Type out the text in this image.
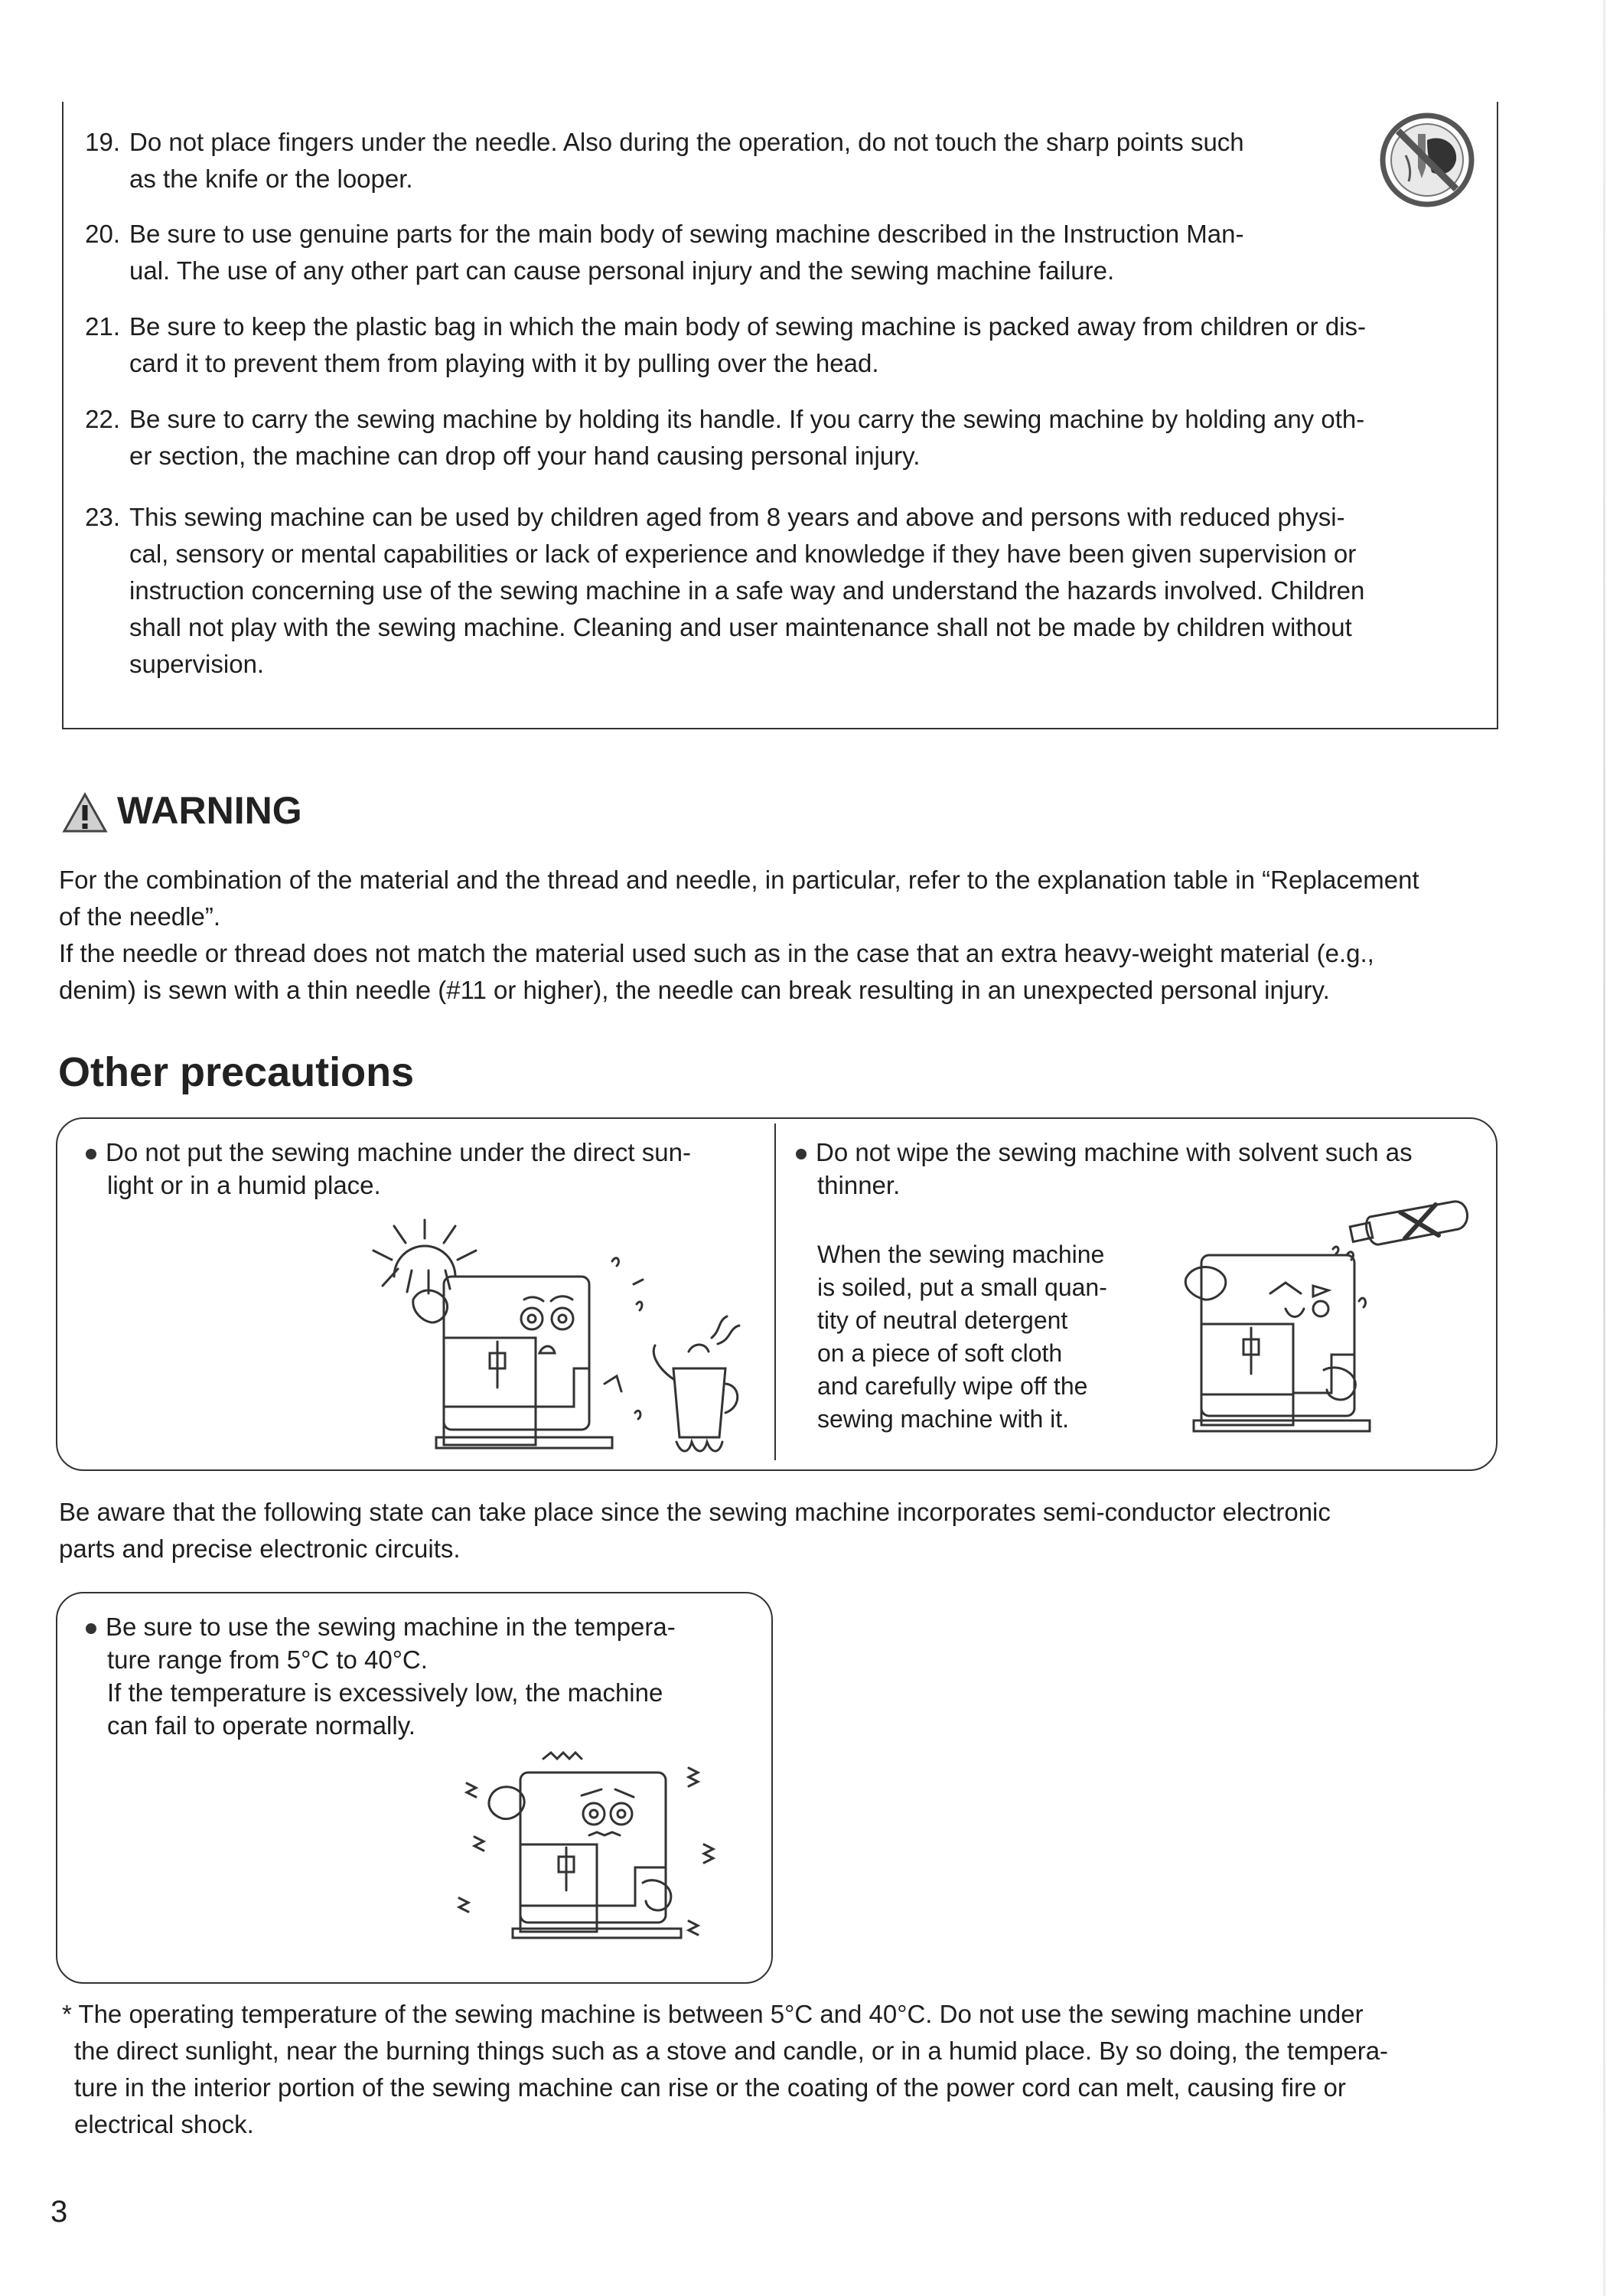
19. Do not place fingers under the needle. Also during the operation, do not touch the sharp points such
as the knife or the looper.
20. Be sure to use genuine parts for the main body of sewing machine described in the Instruction Man-
ual. The use of any other part can cause personal injury and the sewing machine failure.
21. Be sure to keep the plastic bag in which the main body of sewing machine is packed away from children or dis-
card it to prevent them from playing with it by pulling over the head.
22. Be sure to carry the sewing machine by holding its handle. If you carry the sewing machine by holding any oth-
er section, the machine can drop off your hand causing personal injury.
23. This sewing machine can be used by children aged from 8 years and above and persons with reduced physi-
cal, sensory or mental capabilities or lack of experience and knowledge if they have been given supervision or
instruction concerning use of the sewing machine in a safe way and understand the hazards involved. Children
shall not play with the sewing machine. Cleaning and user maintenance shall not be made by children without
supervision.
WARNING
For the combination of the material and the thread and needle, in particular, refer to the explanation table in “Replacement
of the needle”.
If the needle or thread does not match the material used such as in the case that an extra heavy-weight material (e.g.,
denim) is sewn with a thin needle (#11 or higher), the needle can break resulting in an unexpected personal injury.
Other precautions
Do not put the sewing machine under the direct sun-
light or in a humid place.
Do not wipe the sewing machine with solvent such as
thinner.
When the sewing machine
is soiled, put a small quan-
tity of neutral detergent
on a piece of soft cloth
and carefully wipe off the
sewing machine with it.
Be aware that the following state can take place since the sewing machine incorporates semi-conductor electronic
parts and precise electronic circuits.
Be sure to use the sewing machine in the tempera-
ture range from 5°C to 40°C.
If the temperature is excessively low, the machine
can fail to operate normally.
* The operating temperature of the sewing machine is between 5°C and 40°C. Do not use the sewing machine under
the direct sunlight, near the burning things such as a stove and candle, or in a humid place. By so doing, the tempera-
ture in the interior portion of the sewing machine can rise or the coating of the power cord can melt, causing fire or
electrical shock.
3
